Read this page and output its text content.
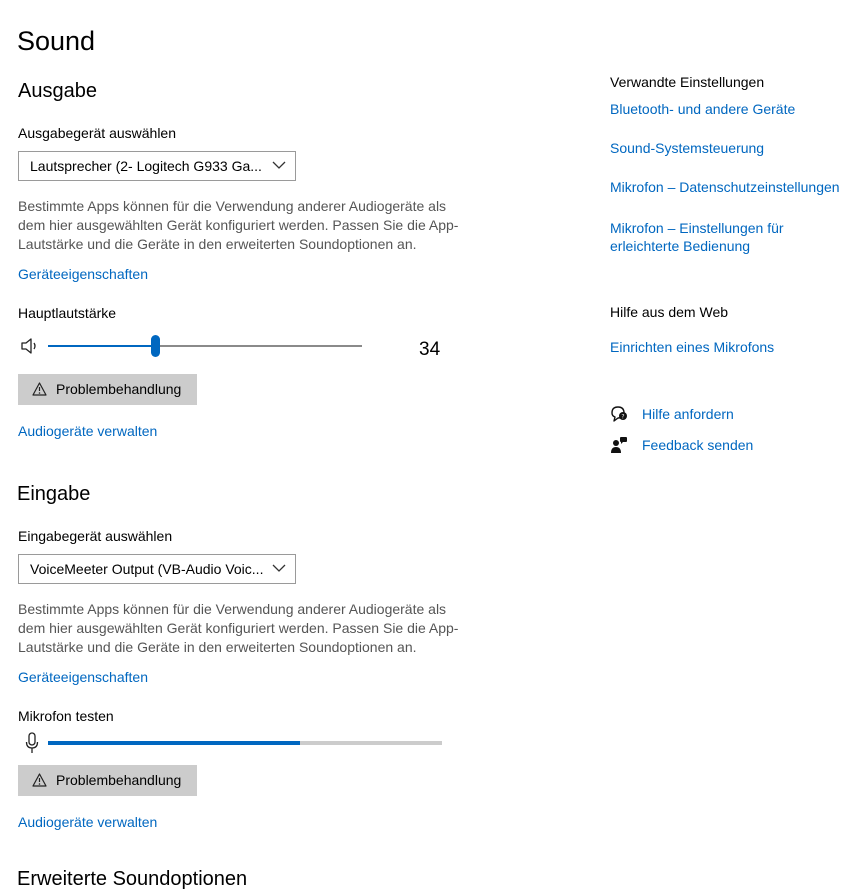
Sound
Ausgabe
Ausgabegerät auswählen
Lautsprecher (2- Logitech G933 Ga...
Bestimmte Apps können für die Verwendung anderer Audiogeräte als dem hier ausgewählten Gerät konfiguriert werden. Passen Sie die App-Lautstärke und die Geräte in den erweiterten Soundoptionen an.
Geräteeigenschaften
Hauptlautstärke
34
Problembehandlung
Audiogeräte verwalten
Eingabe
Eingabegerät auswählen
VoiceMeeter Output (VB-Audio Voic...
Bestimmte Apps können für die Verwendung anderer Audiogeräte als dem hier ausgewählten Gerät konfiguriert werden. Passen Sie die App-Lautstärke und die Geräte in den erweiterten Soundoptionen an.
Geräteeigenschaften
Mikrofon testen
Problembehandlung
Audiogeräte verwalten
Erweiterte Soundoptionen
Verwandte Einstellungen
Bluetooth- und andere Geräte
Sound-Systemsteuerung
Mikrofon – Datenschutzeinstellungen
Mikrofon – Einstellungen für erleichterte Bedienung
Hilfe aus dem Web
Einrichten eines Mikrofons
? Hilfe anfordern
Feedback senden
